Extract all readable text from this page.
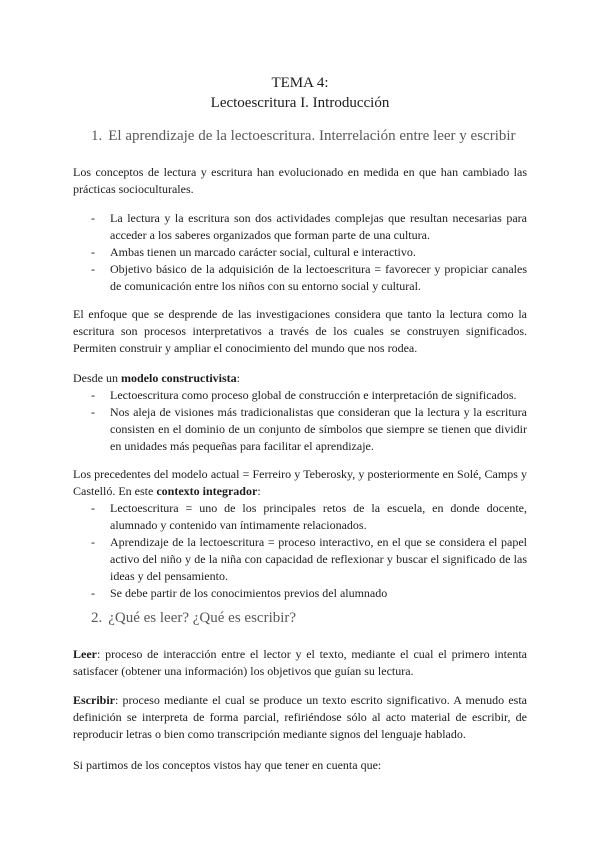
TEMA 4:

Lectoescritura I. Introducción

1. El aprendizaje de la lectoescritura. Interrelación entre leer y escribir

Los conceptos de lectura y escritura han evolucionado en medida en que han cambiado las prácticas socioculturales.

- La lectura y la escritura son dos actividades complejas que resultan necesarias para acceder a los saberes organizados que forman parte de una cultura.
- Ambas tienen un marcado carácter social, cultural e interactivo.
- Objetivo básico de la adquisición de la lectoescritura = favorecer y propiciar canales de comunicación entre los niños con su entorno social y cultural.

El enfoque que se desprende de las investigaciones considera que tanto la lectura como la escritura son procesos interpretativos a través de los cuales se construyen significados. Permiten construir y ampliar el conocimiento del mundo que nos rodea.

Desde un modelo constructivista:

- Lectoescritura como proceso global de construcción e interpretación de significados.
- Nos aleja de visiones más tradicionalistas que consideran que la lectura y la escritura consisten en el dominio de un conjunto de símbolos que siempre se tienen que dividir en unidades más pequeñas para facilitar el aprendizaje.

Los precedentes del modelo actual = Ferreiro y Teberosky, y posteriormente en Solé, Camps y Castelló. En este contexto integrador:

- Lectoescritura = uno de los principales retos de la escuela, en donde docente, alumnado y contenido van íntimamente relacionados.
- Aprendizaje de la lectoescritura = proceso interactivo, en el que se considera el papel activo del niño y de la niña con capacidad de reflexionar y buscar el significado de las ideas y del pensamiento.
- Se debe partir de los conocimientos previos del alumnado

2. ¿Qué es leer? ¿Qué es escribir?

Leer: proceso de interacción entre el lector y el texto, mediante el cual el primero intenta satisfacer (obtener una información) los objetivos que guían su lectura.

Escribir: proceso mediante el cual se produce un texto escrito significativo. A menudo esta definición se interpreta de forma parcial, refiriéndose sólo al acto material de escribir, de reproducir letras o bien como transcripción mediante signos del lenguaje hablado.

Si partimos de los conceptos vistos hay que tener en cuenta que:
